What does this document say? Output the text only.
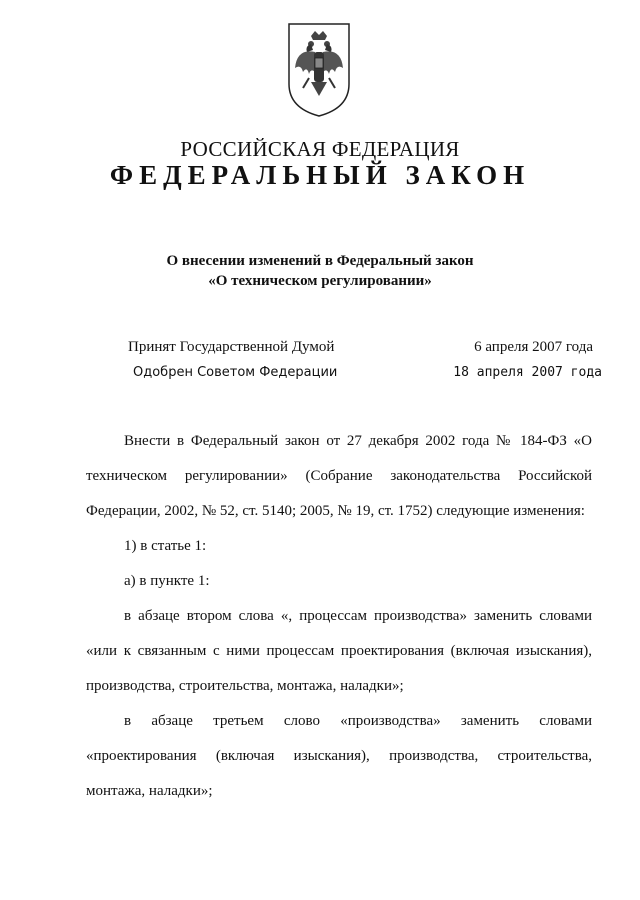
РОССИЙСКАЯ ФЕДЕРАЦИЯ
ФЕДЕРАЛЬНЫЙ ЗАКОН
О внесении изменений в Федеральный закон
«О техническом регулировании»
Принят Государственной Думой	6 апреля 2007 года
Одобрен Советом Федерации	18 апреля 2007 года

Внести в Федеральный закон от 27 декабря 2002 года № 184-ФЗ «О техническом регулировании» (Собрание законодательства Российской Федерации, 2002, № 52, ст. 5140; 2005, № 19, ст. 1752) следующие изменения:

1) в статье 1:

а) в пункте 1:

в абзаце втором слова «, процессам производства» заменить словами «или к связанным с ними процессам проектирования (включая изыскания), производства, строительства, монтажа, наладки»;

в абзаце третьем слово «производства» заменить словами «проектирования (включая изыскания), производства, строительства, монтажа, наладки»;
